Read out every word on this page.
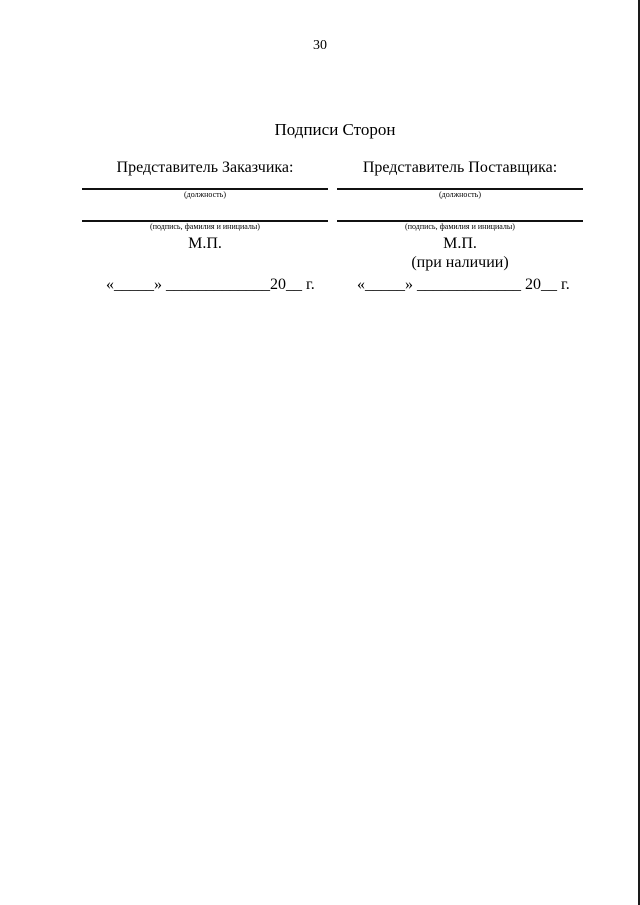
30
Подписи Сторон
Представитель Заказчика:
(должность)
(подпись, фамилия и инициалы)
М.П.
Представитель Поставщика:
(должность)
(подпись, фамилия и инициалы)
М.П.
(при наличии)
«_____» _____________20__ г.	«_____» _____________ 20__ г.
